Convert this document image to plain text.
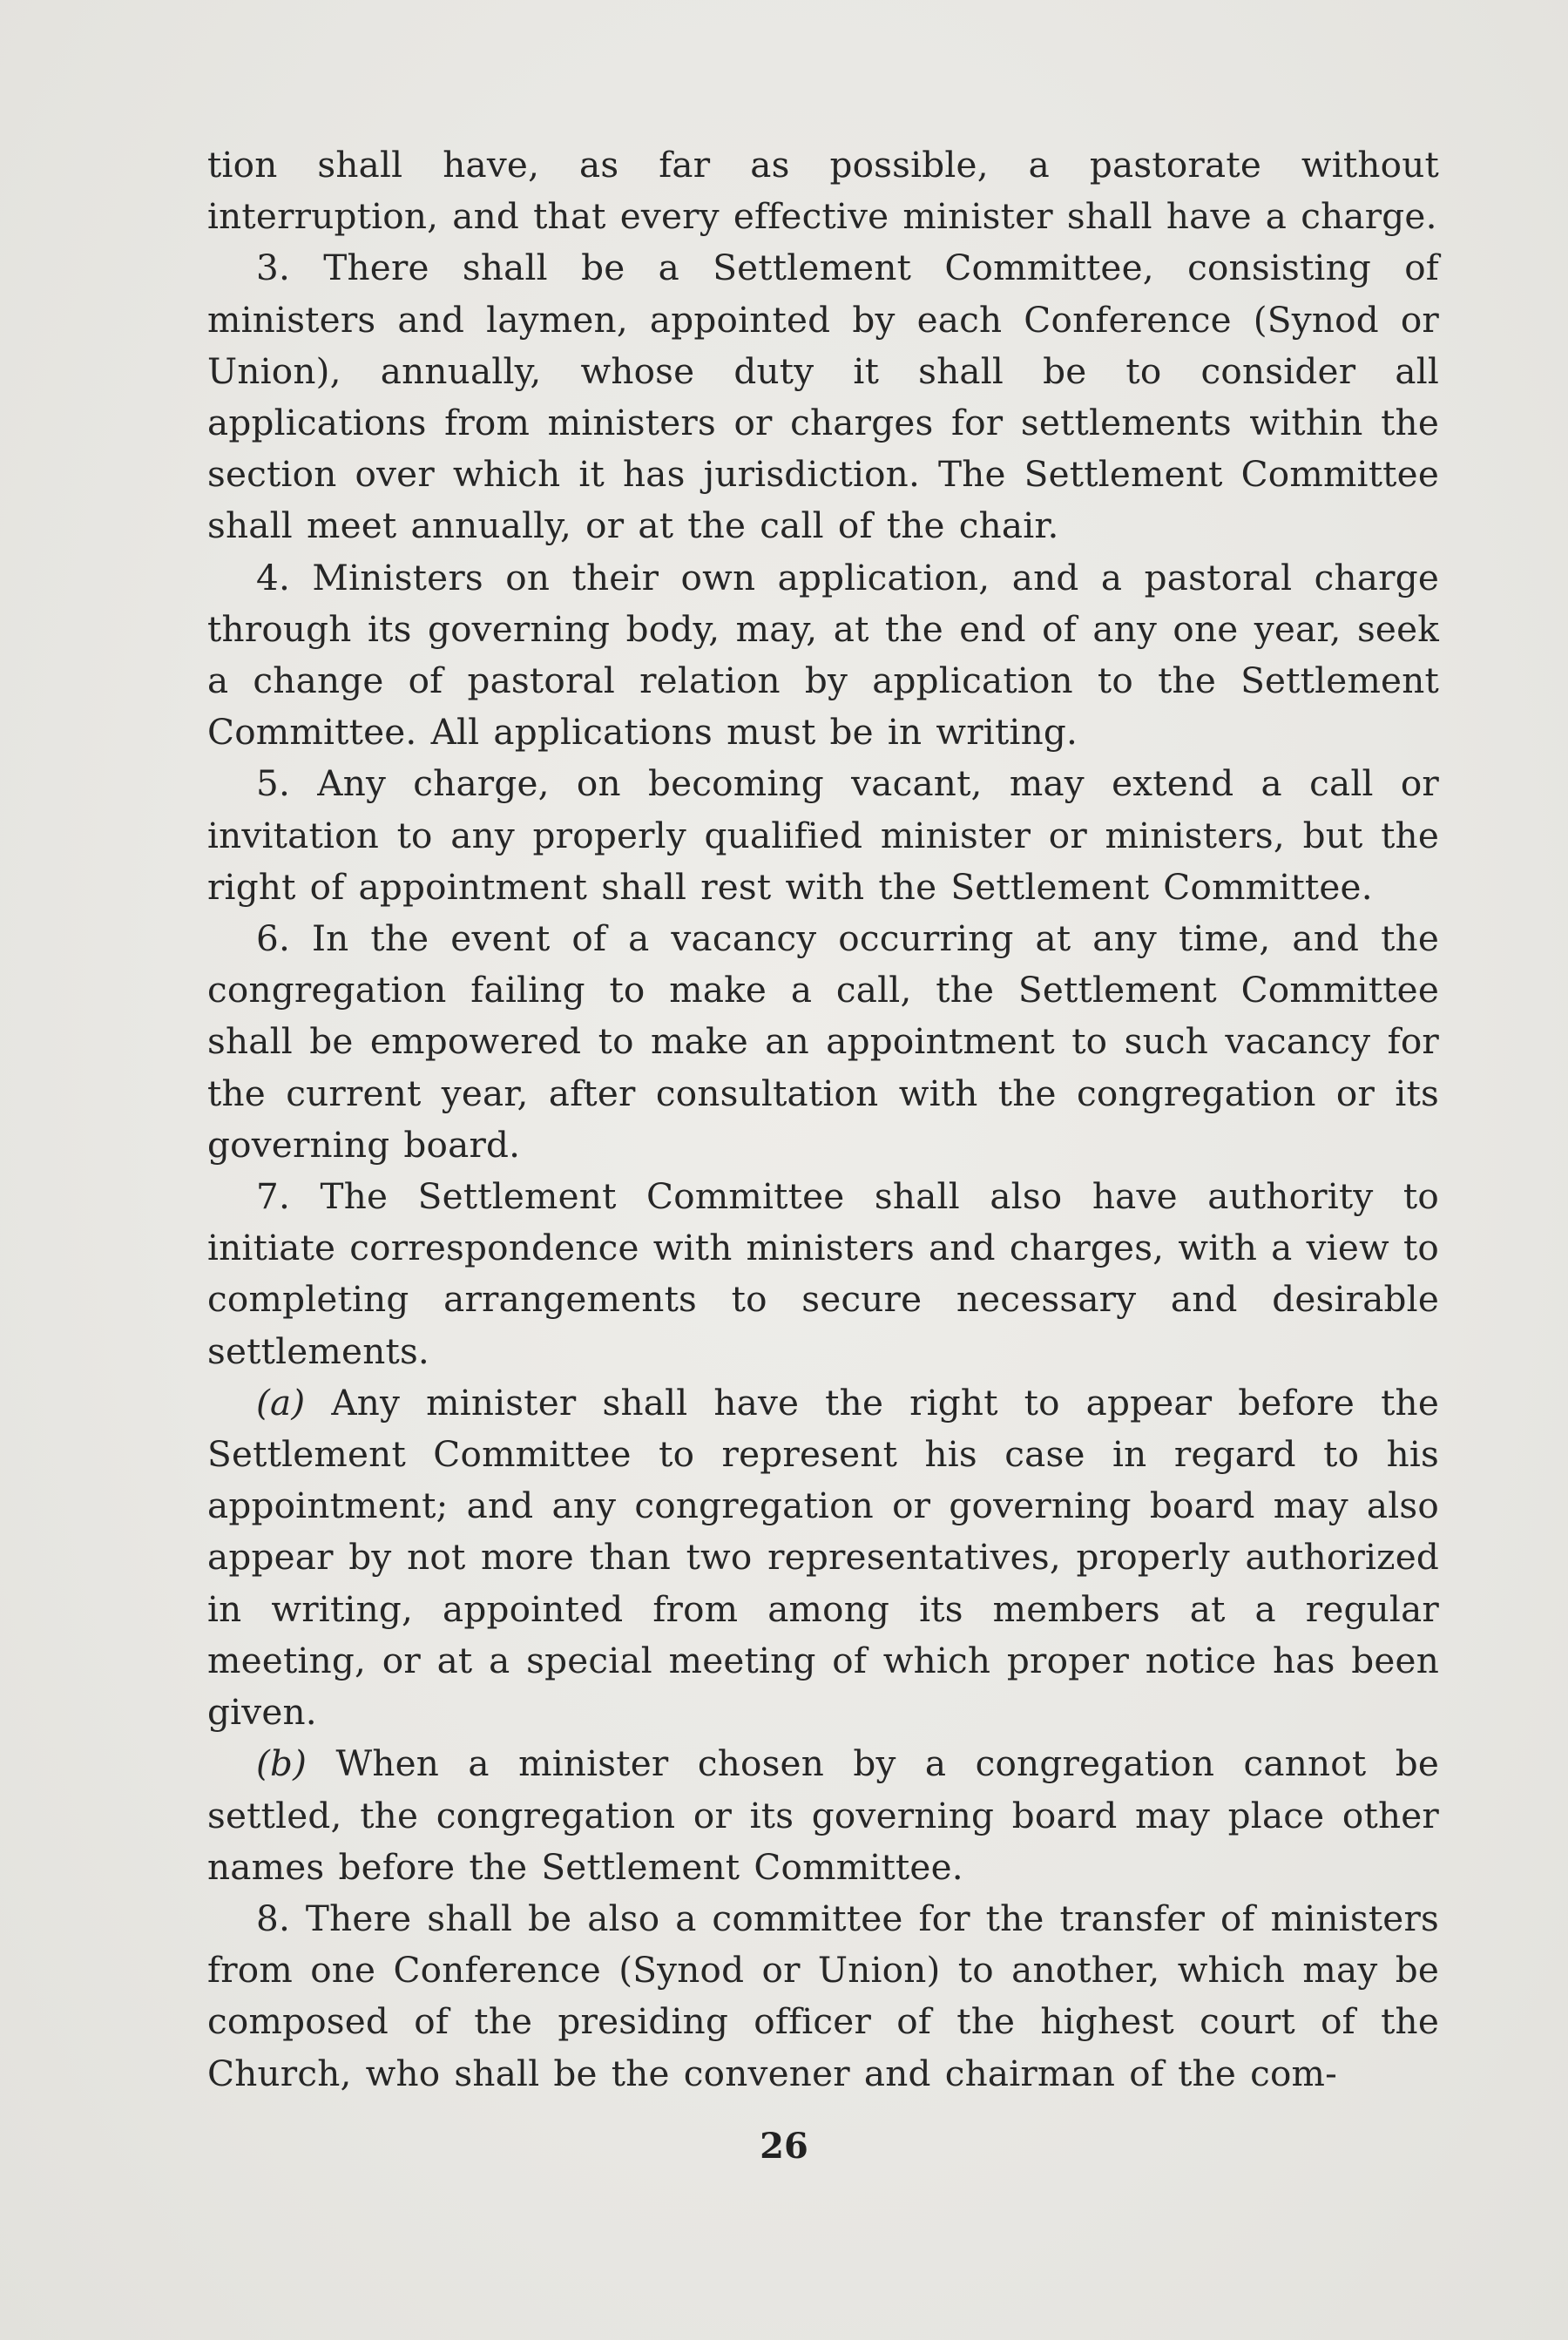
tion shall have, as far as possible, a pastorate without interruption, and that every effective minister shall have a charge.

3. There shall be a Settlement Committee, consisting of ministers and laymen, appointed by each Conference (Synod or Union), annually, whose duty it shall be to consider all applications from ministers or charges for settlements within the section over which it has jurisdiction. The Settlement Committee shall meet annually, or at the call of the chair.

4. Ministers on their own application, and a pastoral charge through its governing body, may, at the end of any one year, seek a change of pastoral relation by application to the Settlement Committee. All applications must be in writing.

5. Any charge, on becoming vacant, may extend a call or invitation to any properly qualified minister or ministers, but the right of appointment shall rest with the Settlement Committee.

6. In the event of a vacancy occurring at any time, and the congregation failing to make a call, the Settlement Committee shall be empowered to make an appointment to such vacancy for the current year, after consultation with the congregation or its governing board.

7. The Settlement Committee shall also have authority to initiate correspondence with ministers and charges, with a view to completing arrangements to secure necessary and desirable settlements.

(a) Any minister shall have the right to appear before the Settlement Committee to represent his case in regard to his appointment; and any congregation or governing board may also appear by not more than two representatives, properly authorized in writing, appointed from among its members at a regular meeting, or at a special meeting of which proper notice has been given.

(b) When a minister chosen by a congregation cannot be settled, the congregation or its governing board may place other names before the Settlement Committee.

8. There shall be also a committee for the transfer of ministers from one Conference (Synod or Union) to another, which may be composed of the presiding officer of the highest court of the Church, who shall be the convener and chairman of the com-

26
